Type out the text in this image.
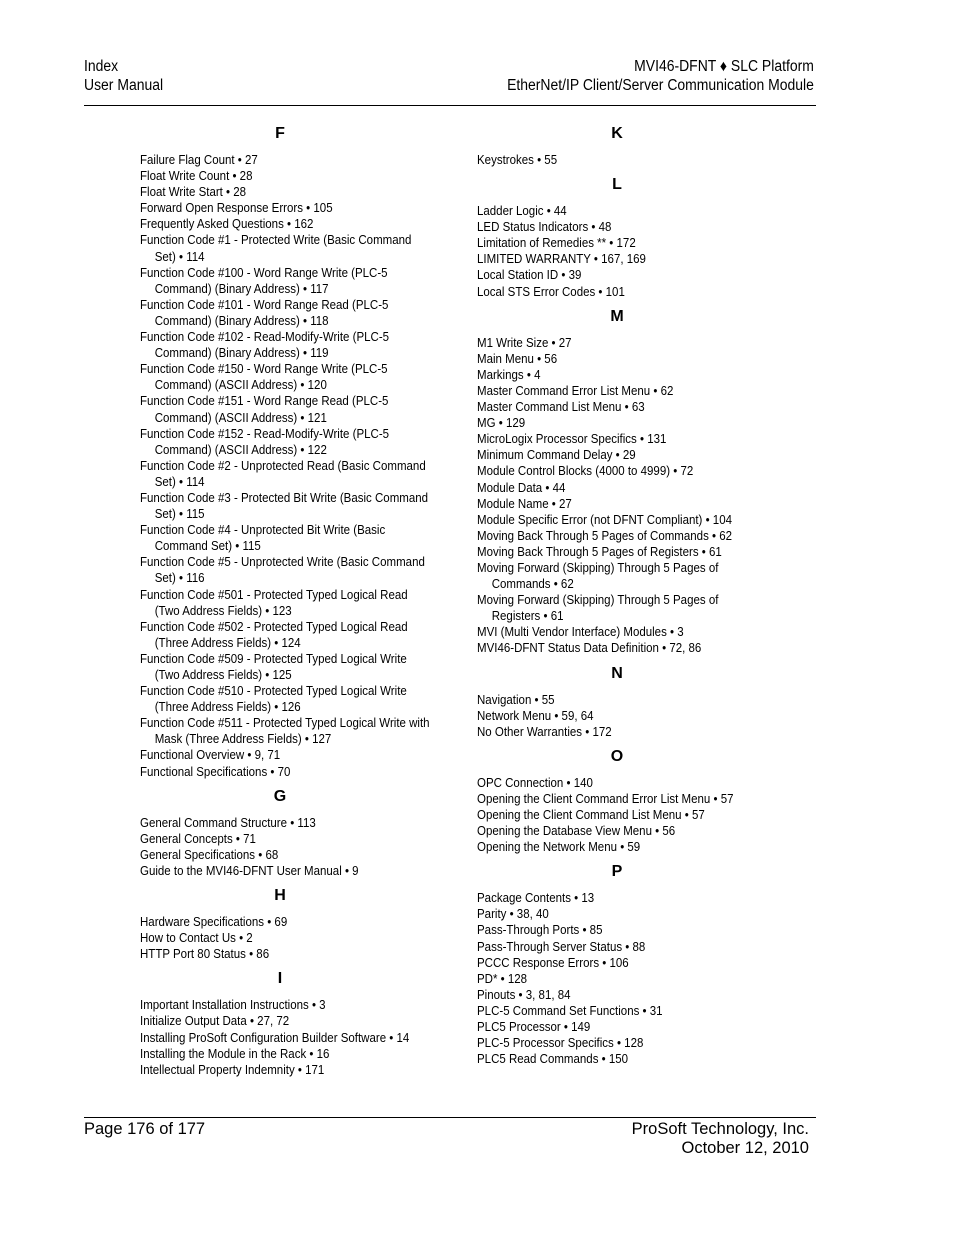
Index
User Manual
MVI46-DFNT ♦ SLC Platform
EtherNet/IP Client/Server Communication Module
F
Failure Flag Count • 27
Float Write Count • 28
Float Write Start • 28
Forward Open Response Errors • 105
Frequently Asked Questions • 162
Function Code #1 - Protected Write (Basic Command Set) • 114
Function Code #100 - Word Range Write (PLC-5 Command) (Binary Address) • 117
Function Code #101 - Word Range Read (PLC-5 Command) (Binary Address) • 118
Function Code #102 - Read-Modify-Write (PLC-5 Command) (Binary Address) • 119
Function Code #150 - Word Range Write (PLC-5 Command) (ASCII Address) • 120
Function Code #151 - Word Range Read (PLC-5 Command) (ASCII Address) • 121
Function Code #152 - Read-Modify-Write (PLC-5 Command) (ASCII Address) • 122
Function Code #2 - Unprotected Read (Basic Command Set) • 114
Function Code #3 - Protected Bit Write (Basic Command Set) • 115
Function Code #4 - Unprotected Bit Write (Basic Command Set) • 115
Function Code #5 - Unprotected Write (Basic Command Set) • 116
Function Code #501 - Protected Typed Logical Read (Two Address Fields) • 123
Function Code #502 - Protected Typed Logical Read (Three Address Fields) • 124
Function Code #509 - Protected Typed Logical Write (Two Address Fields) • 125
Function Code #510 - Protected Typed Logical Write (Three Address Fields) • 126
Function Code #511 - Protected Typed Logical Write with Mask (Three Address Fields) • 127
Functional Overview • 9, 71
Functional Specifications • 70
G
General Command Structure • 113
General Concepts • 71
General Specifications • 68
Guide to the MVI46-DFNT User Manual • 9
H
Hardware Specifications • 69
How to Contact Us • 2
HTTP Port 80 Status • 86
I
Important Installation Instructions • 3
Initialize Output Data • 27, 72
Installing ProSoft Configuration Builder Software • 14
Installing the Module in the Rack • 16
Intellectual Property Indemnity • 171
K
Keystrokes • 55
L
Ladder Logic • 44
LED Status Indicators • 48
Limitation of Remedies ** • 172
LIMITED WARRANTY • 167, 169
Local Station ID • 39
Local STS Error Codes • 101
M
M1 Write Size • 27
Main Menu • 56
Markings • 4
Master Command Error List Menu • 62
Master Command List Menu • 63
MG • 129
MicroLogix Processor Specifics • 131
Minimum Command Delay • 29
Module Control Blocks (4000 to 4999) • 72
Module Data • 44
Module Name • 27
Module Specific Error (not DFNT Compliant) • 104
Moving Back Through 5 Pages of Commands • 62
Moving Back Through 5 Pages of Registers • 61
Moving Forward (Skipping) Through 5 Pages of Commands • 62
Moving Forward (Skipping) Through 5 Pages of Registers • 61
MVI (Multi Vendor Interface) Modules • 3
MVI46-DFNT Status Data Definition • 72, 86
N
Navigation • 55
Network Menu • 59, 64
No Other Warranties • 172
O
OPC Connection • 140
Opening the Client Command Error List Menu • 57
Opening the Client Command List Menu • 57
Opening the Database View Menu • 56
Opening the Network Menu • 59
P
Package Contents • 13
Parity • 38, 40
Pass-Through Ports • 85
Pass-Through Server Status • 88
PCCC Response Errors • 106
PD* • 128
Pinouts • 3, 81, 84
PLC-5 Command Set Functions • 31
PLC5 Processor • 149
PLC-5 Processor Specifics • 128
PLC5 Read Commands • 150
Page 176 of 177	ProSoft Technology, Inc.
October 12, 2010
